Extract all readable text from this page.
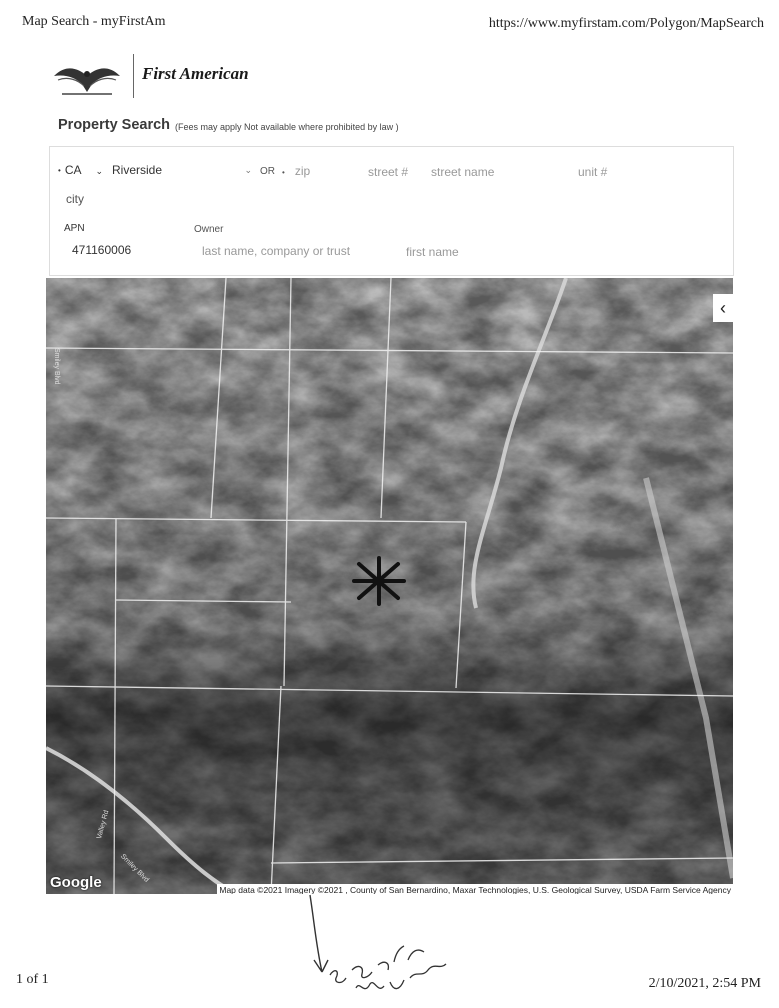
Map Search - myFirstAm	https://www.myfirstam.com/Polygon/MapSearch
First American
Property Search (Fees may apply Not available where prohibited by law )
• CA ⌄ Riverside	⌄ OR • zip	street # street name	unit #
city
APN	Owner
471160006	last name, company or trust	first name
Smiley Blvd
Smiley Blvd
Valley Rd
‹
Google	Map data ©2021 Imagery ©2021 , County of San Bernardino, Maxar Technologies, U.S. Geological Survey, USDA Farm Service Agency
1 of 1	2/10/2021, 2:54 PM
